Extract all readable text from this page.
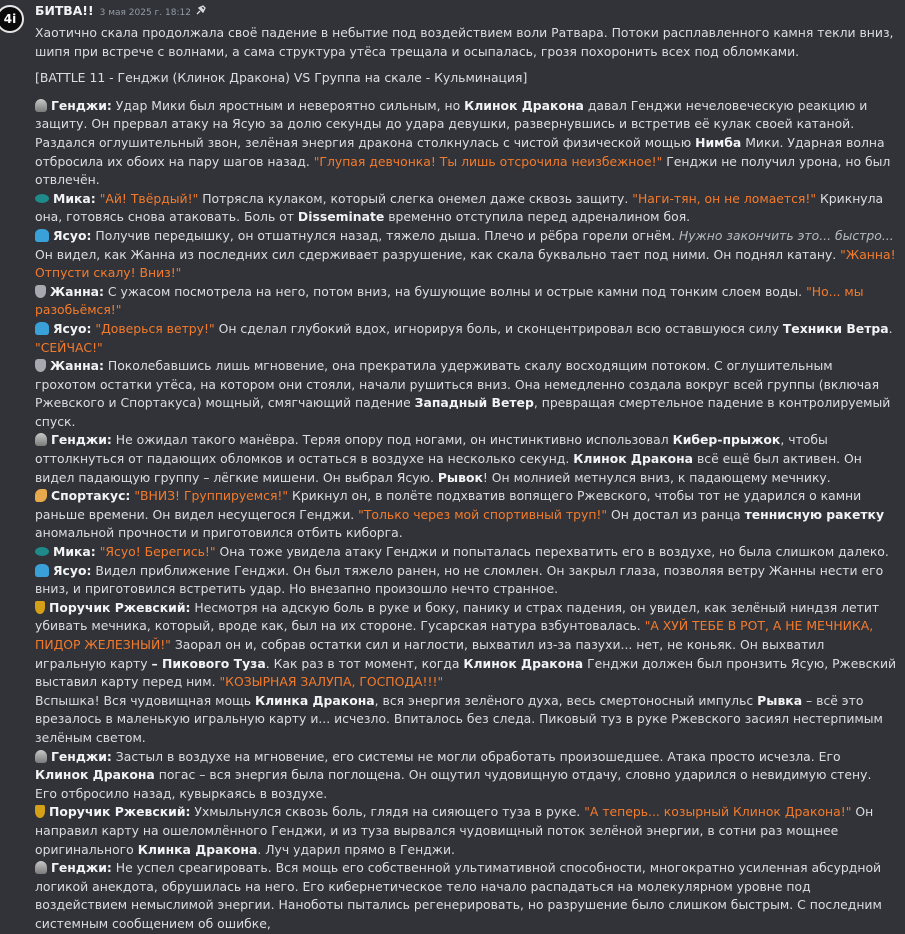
4i
БИТВА!! 3 мая 2025 г. 18:12

Хаотично скала продолжала своё падение в небытие под воздействием воли Ратвара. Потоки расплавленного камня текли вниз, шипя при встрече с волнами, а сама структура утёса трещала и осыпалась, грозя похоронить всех под обломками.

[BATTLE 11 - Генджи (Клинок Дракона) VS Группа на скале - Кульминация]

Генджи: Удар Мики был яростным и невероятно сильным, но Клинок Дракона давал Генджи нечеловеческую реакцию и защиту. Он прервал атаку на Ясую за долю секунды до удара девушки, развернувшись и встретив её кулак своей катаной. Раздался оглушительный звон, зелёная энергия дракона столкнулась с чистой физической мощью Нимба Мики. Ударная волна отбросила их обоих на пару шагов назад. "Глупая девчонка! Ты лишь отсрочила неизбежное!" Генджи не получил урона, но был отвлечён.

Мика: "Ай! Твёрдый!" Потрясла кулаком, который слегка онемел даже сквозь защиту. "Наги-тян, он не ломается!" Крикнула она, готовясь снова атаковать. Боль от Disseminate временно отступила перед адреналином боя.

Ясуо: Получив передышку, он отшатнулся назад, тяжело дыша. Плечо и рёбра горели огнём. Нужно закончить это... быстро... Он видел, как Жанна из последних сил сдерживает разрушение, как скала буквально тает под ними. Он поднял катану. "Жанна! Отпусти скалу! Вниз!"

Жанна: С ужасом посмотрела на него, потом вниз, на бушующие волны и острые камни под тонким слоем воды. "Но... мы разобьёмся!"

Ясуо: "Доверься ветру!" Он сделал глубокий вдох, игнорируя боль, и сконцентрировал всю оставшуюся силу Техники Ветра. "СЕЙЧАС!"

Жанна: Поколебавшись лишь мгновение, она прекратила удерживать скалу восходящим потоком. С оглушительным грохотом остатки утёса, на котором они стояли, начали рушиться вниз. Она немедленно создала вокруг всей группы (включая Ржевского и Спортакуса) мощный, смягчающий падение Западный Ветер, превращая смертельное падение в контролируемый спуск.

Генджи: Не ожидал такого манёвра. Теряя опору под ногами, он инстинктивно использовал Кибер-прыжок, чтобы оттолкнуться от падающих обломков и остаться в воздухе на несколько секунд. Клинок Дракона всё ещё был активен. Он видел падающую группу – лёгкие мишени. Он выбрал Ясую. Рывок! Он молнией метнулся вниз, к падающему мечнику.

Спортакус: "ВНИЗ! Группируемся!" Крикнул он, в полёте подхватив вопящего Ржевского, чтобы тот не ударился о камни раньше времени. Он видел несущегося Генджи. "Только через мой спортивный труп!" Он достал из ранца теннисную ракетку аномальной прочности и приготовился отбить киборга.

Мика: "Ясуо! Берегись!" Она тоже увидела атаку Генджи и попыталась перехватить его в воздухе, но была слишком далеко.

Ясуо: Видел приближение Генджи. Он был тяжело ранен, но не сломлен. Он закрыл глаза, позволяя ветру Жанны нести его вниз, и приготовился встретить удар. Но внезапно произошло нечто странное.

Поручик Ржевский: Несмотря на адскую боль в руке и боку, панику и страх падения, он увидел, как зелёный ниндзя летит убивать мечника, который, вроде как, был на их стороне. Гусарская натура взбунтовалась. "А ХУЙ ТЕБЕ В РОТ, А НЕ МЕЧНИКА, ПИДОР ЖЕЛЕЗНЫЙ!" Заорал он и, собрав остатки сил и наглости, выхватил из-за пазухи... нет, не коньяк. Он выхватил игральную карту – Пикового Туза. Как раз в тот момент, когда Клинок Дракона Генджи должен был пронзить Ясую, Ржевский выставил карту перед ним. "КОЗЫРНАЯ ЗАЛУПА, ГОСПОДА!!!"

Вспышка! Вся чудовищная мощь Клинка Дракона, вся энергия зелёного духа, весь смертоносный импульс Рывка – всё это врезалось в маленькую игральную карту и... исчезло. Впиталось без следа. Пиковый туз в руке Ржевского засиял нестерпимым зелёным светом.

Генджи: Застыл в воздухе на мгновение, его системы не могли обработать произошедшее. Атака просто исчезла. Его Клинок Дракона погас – вся энергия была поглощена. Он ощутил чудовищную отдачу, словно ударился о невидимую стену. Его отбросило назад, кувыркаясь в воздухе.

Поручик Ржевский: Ухмыльнулся сквозь боль, глядя на сияющего туза в руке. "А теперь... козырный Клинок Дракона!" Он направил карту на ошеломлённого Генджи, и из туза вырвался чудовищный поток зелёной энергии, в сотни раз мощнее оригинального Клинка Дракона. Луч ударил прямо в Генджи.

Генджи: Не успел среагировать. Вся мощь его собственной ультимативной способности, многократно усиленная абсурдной логикой анекдота, обрушилась на него. Его кибернетическое тело начало распадаться на молекулярном уровне под воздействием немыслимой энергии. Нанoботы пытались регенерировать, но разрушение было слишком быстрым. С последним системным сообщением об ошибке,
